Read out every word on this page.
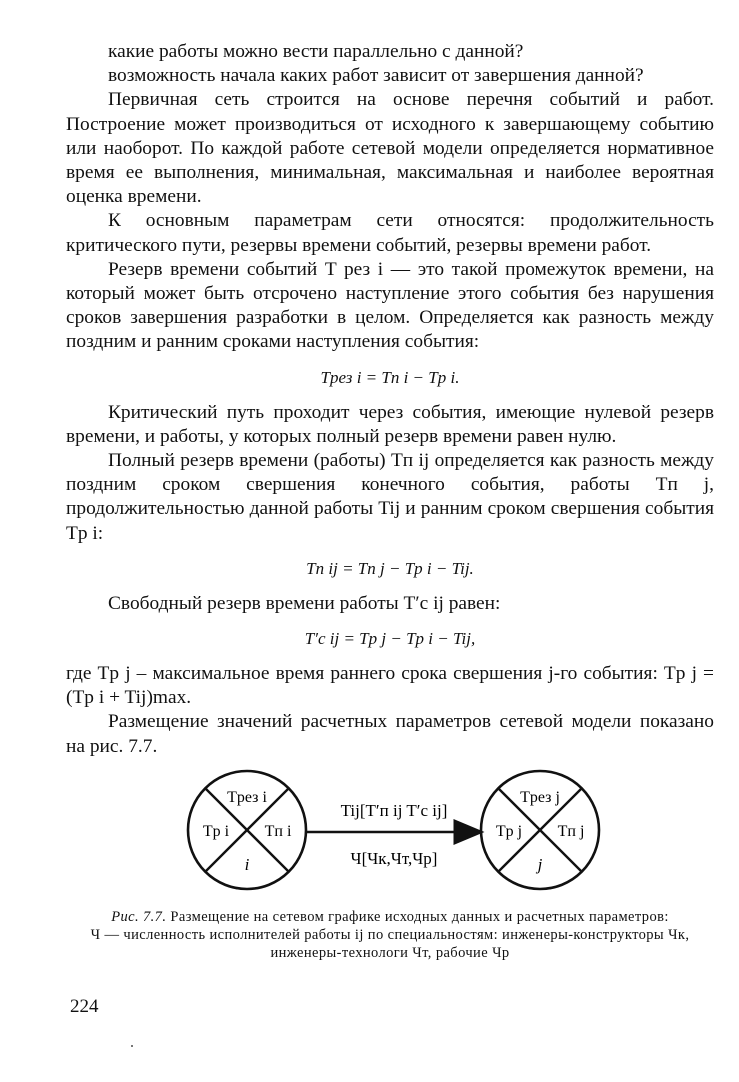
какие работы можно вести параллельно с данной?

возможность начала каких работ зависит от завершения данной?

Первичная сеть строится на основе перечня событий и работ. Построение может производиться от исходного к завершающему событию или наоборот. По каждой работе сетевой модели определяется нормативное время ее выполнения, минимальная, максимальная и наиболее вероятная оценка времени.

К основным параметрам сети относятся: продолжительность критического пути, резервы времени событий, резервы времени работ.

Резерв времени событий T рез i — это такой промежуток времени, на который может быть отсрочено наступление этого события без нарушения сроков завершения разработки в целом. Определяется как разность между поздним и ранним сроками наступления события:

Tрез i = Tп i − Tр i.

Критический путь проходит через события, имеющие нулевой резерв времени, и работы, у которых полный резерв времени равен нулю.

Полный резерв времени (работы) Tп ij определяется как разность между поздним сроком свершения конечного события, работы Tп j, продолжительностью данной работы Tij и ранним сроком свершения события Tр i:

Tп ij = Tп j − Tр i − Tij.

Свободный резерв времени работы T′с ij равен:

T′с ij = Tр j − Tр i − Tij,

где Tр j – максимальное время раннего срока свершения j-го события: Tр j = (Tр i + Tij)max.

Размещение значений расчетных параметров сетевой модели показано на рис. 7.7.

Tрез i
Tр i Tп i
i
Tij[T′п ij T′с ij]
Ч[Чк,Чт,Чр]
Tрез j
Tр j Tп j
j
Рис. 7.7. Размещение на сетевом графике исходных данных и расчетных параметров:
Ч — численность исполнителей работы ij по специальностям: инженеры-конструкторы Чк, инженеры-технологи Чт, рабочие Чр
224
